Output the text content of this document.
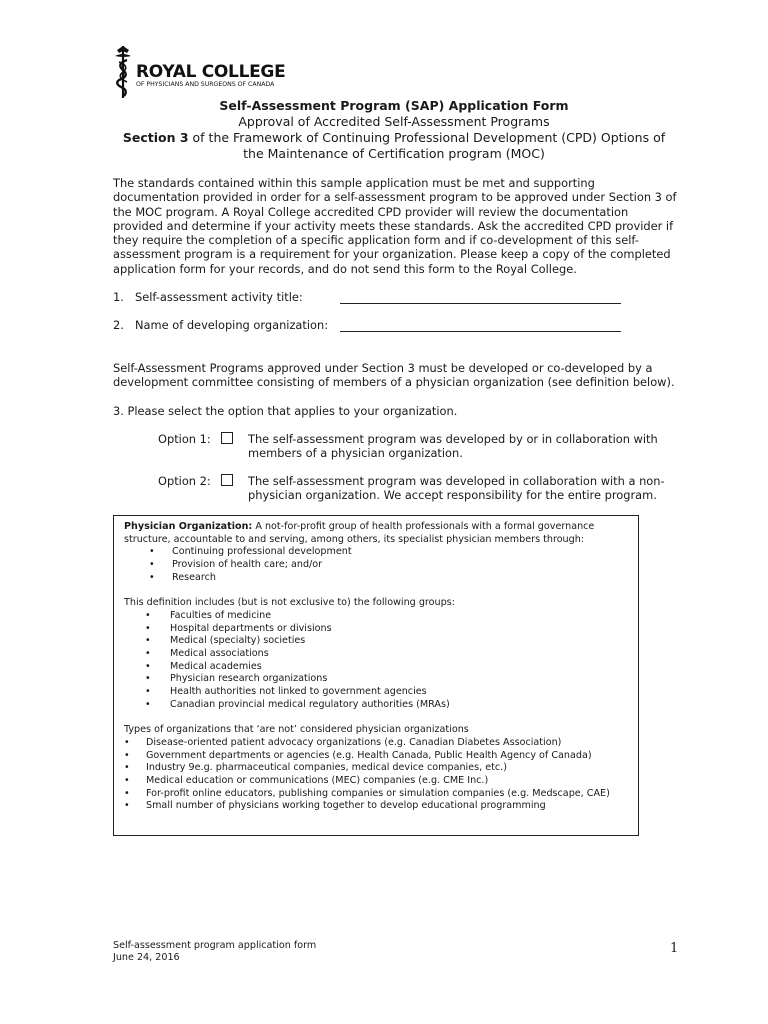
ROYAL COLLEGE
OF PHYSICIANS AND SURGEONS OF CANADA
Self-Assessment Program (SAP) Application Form
Approval of Accredited Self-Assessment Programs
Section 3 of the Framework of Continuing Professional Development (CPD) Options of
the Maintenance of Certification program (MOC)
The standards contained within this sample application must be met and supporting documentation provided in order for a self-assessment program to be approved under Section 3 of the MOC program. A Royal College accredited CPD provider will review the documentation provided and determine if your activity meets these standards. Ask the accredited CPD provider if they require the completion of a specific application form and if co-development of this self-assessment program is a requirement for your organization. Please keep a copy of the completed application form for your records, and do not send this form to the Royal College.
1. Self-assessment activity title:
2. Name of developing organization:
Self-Assessment Programs approved under Section 3 must be developed or co-developed by a development committee consisting of members of a physician organization (see definition below).
3. Please select the option that applies to your organization.
Option 1:	The self-assessment program was developed by or in collaboration with members of a physician organization.
Option 2:	The self-assessment program was developed in collaboration with a non-physician organization. We accept responsibility for the entire program.
Physician Organization: A not-for-profit group of health professionals with a formal governance structure, accountable to and serving, among others, its specialist physician members through:
• Continuing professional development
• Provision of health care; and/or
• Research
This definition includes (but is not exclusive to) the following groups:
• Faculties of medicine
• Hospital departments or divisions
• Medical (specialty) societies
• Medical associations
• Medical academies
• Physician research organizations
• Health authorities not linked to government agencies
• Canadian provincial medical regulatory authorities (MRAs)
Types of organizations that ‘are not’ considered physician organizations
• Disease-oriented patient advocacy organizations (e.g. Canadian Diabetes Association)
• Government departments or agencies (e.g. Health Canada, Public Health Agency of Canada)
• Industry 9e.g. pharmaceutical companies, medical device companies, etc.)
• Medical education or communications (MEC) companies (e.g. CME Inc.)
• For-profit online educators, publishing companies or simulation companies (e.g. Medscape, CAE)
• Small number of physicians working together to develop educational programming
Self-assessment program application form
June 24, 2016
1
